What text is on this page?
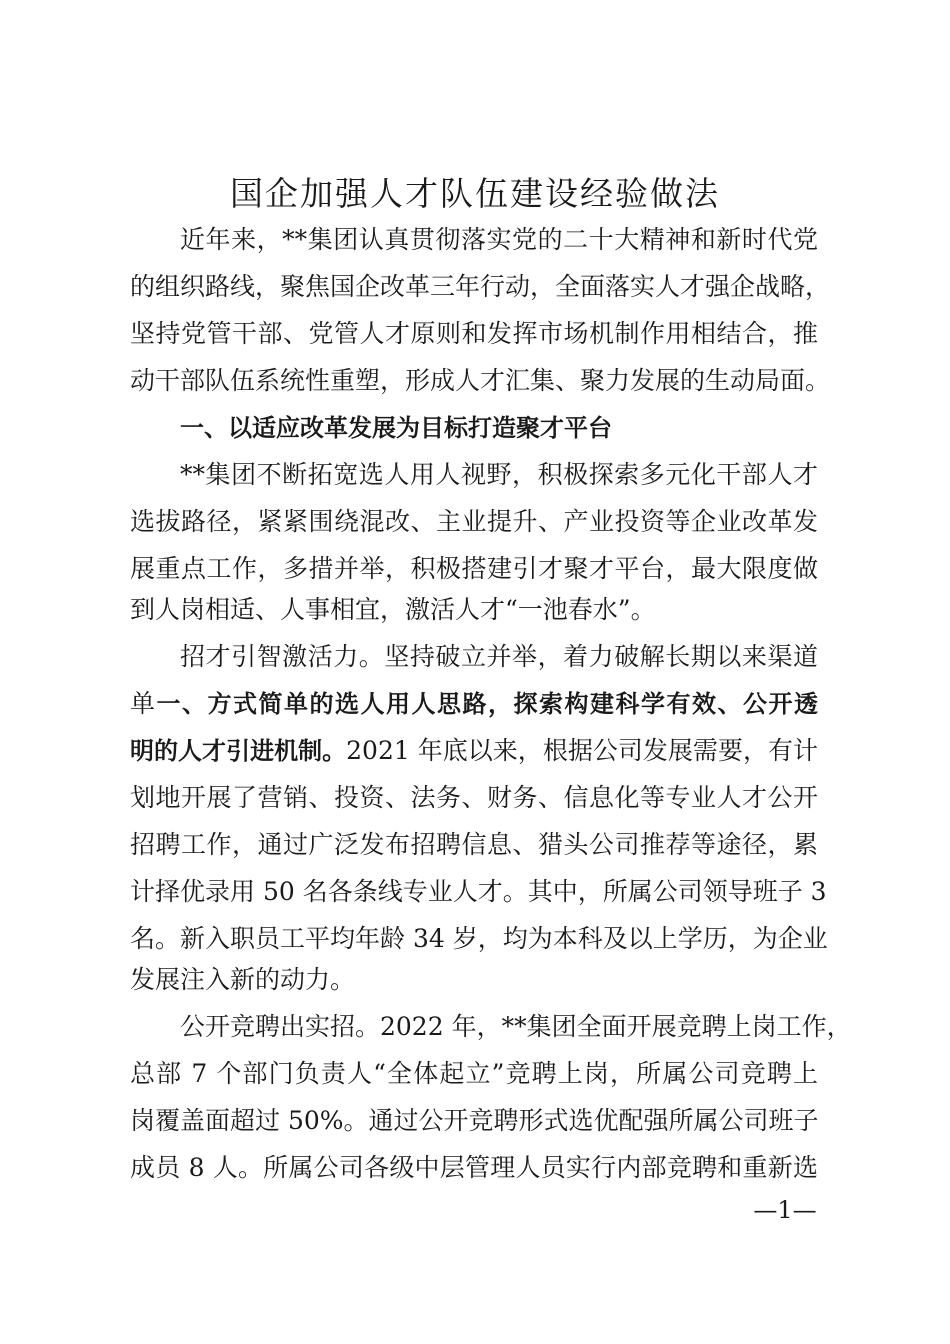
国企加强人才队伍建设经验做法
近年来，**集团认真贯彻落实党的二十大精神和新时代党
的组织路线，聚焦国企改革三年行动，全面落实人才强企战略，
坚持党管干部、党管人才原则和发挥市场机制作用相结合，推
动干部队伍系统性重塑，形成人才汇集、聚力发展的生动局面。
一、以适应改革发展为目标打造聚才平台
**集团不断拓宽选人用人视野，积极探索多元化干部人才
选拔路径，紧紧围绕混改、主业提升、产业投资等企业改革发
展重点工作，多措并举，积极搭建引才聚才平台，最大限度做
到人岗相适、人事相宜，激活人才“一池春水”。
招才引智激活力。坚持破立并举，着力破解长期以来渠道
单一、方式简单的选人用人思路，探索构建科学有效、公开透
明的人才引进机制。2021 年底以来，根据公司发展需要，有计
划地开展了营销、投资、法务、财务、信息化等专业人才公开
招聘工作，通过广泛发布招聘信息、猎头公司推荐等途径，累
计择优录用 50 名各条线专业人才。其中，所属公司领导班子 3
名。新入职员工平均年龄 34 岁，均为本科及以上学历，为企业
发展注入新的动力。
公开竞聘出实招。2022 年，**集团全面开展竞聘上岗工作，
总部 7 个部门负责人“全体起立”竞聘上岗，所属公司竞聘上
岗覆盖面超过 50%。通过公开竞聘形式选优配强所属公司班子
成员 8 人。所属公司各级中层管理人员实行内部竞聘和重新选
—1—
